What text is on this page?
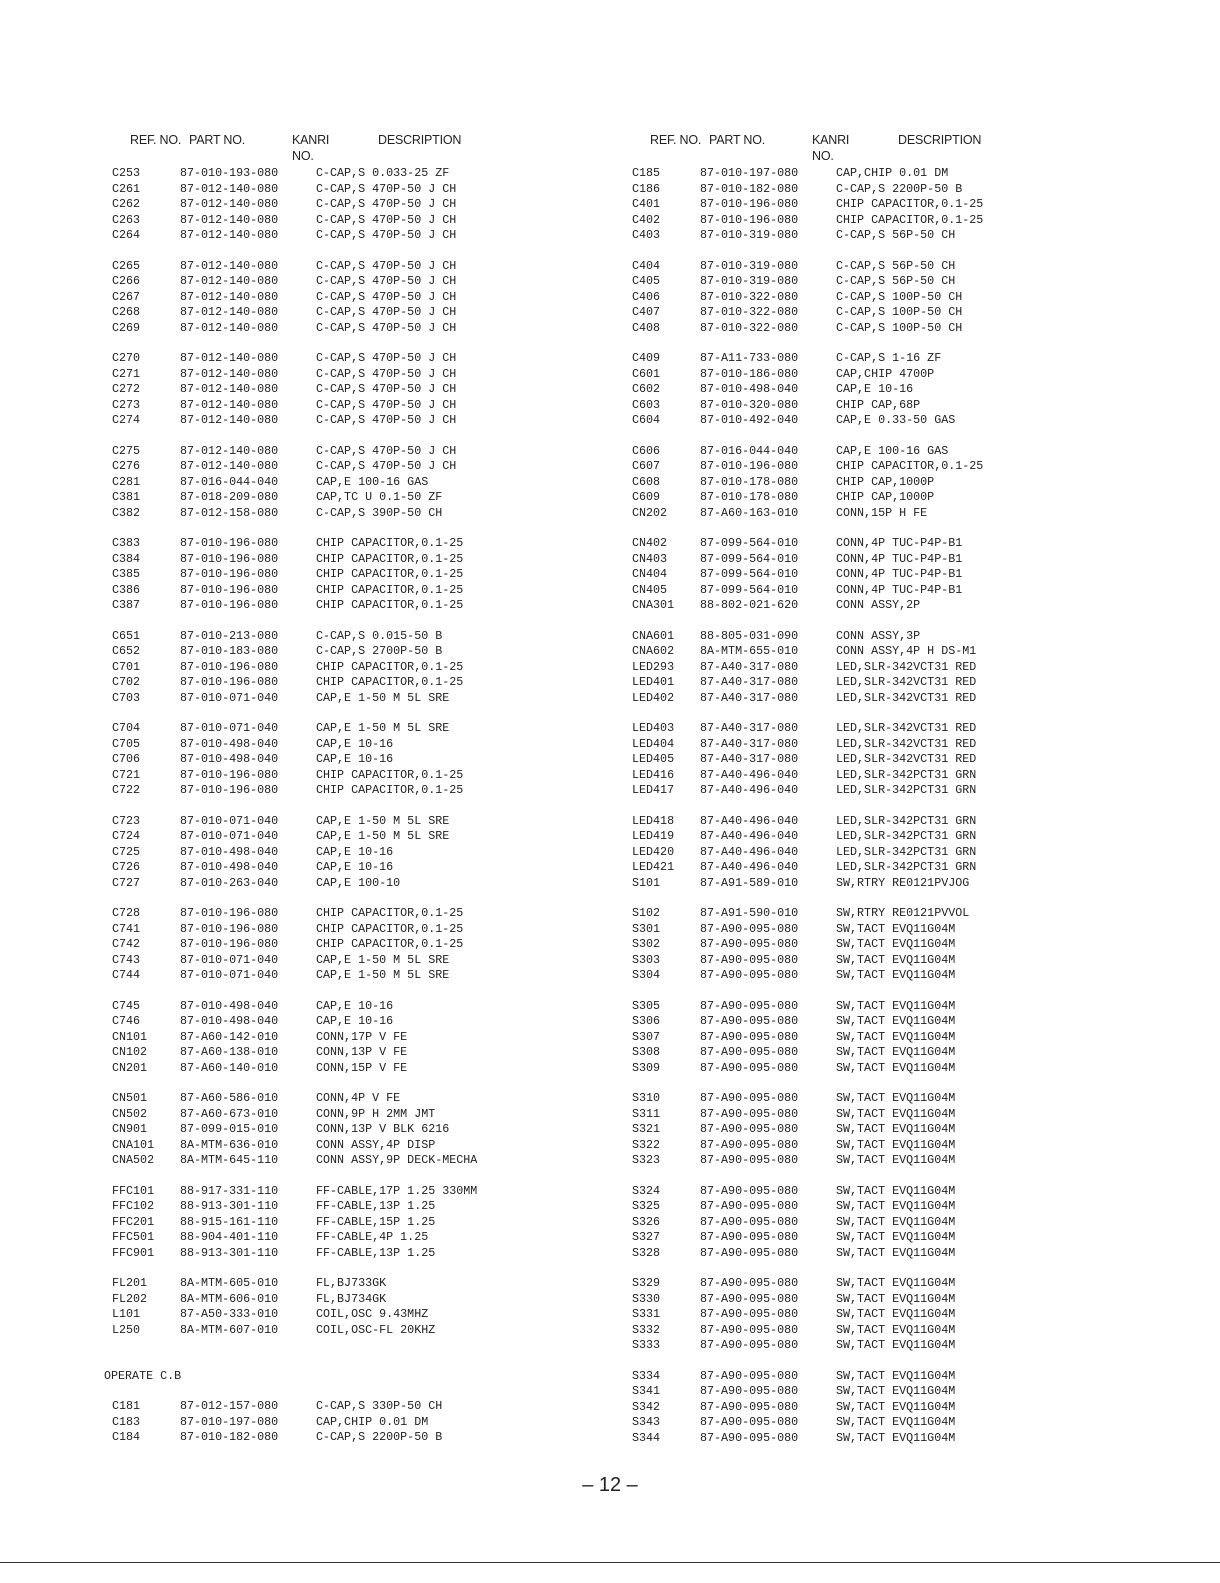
REF. NO. PART NO.	KANRI
NO.
DESCRIPTION
C253	87-010-193-080	C-CAP,S 0.033-25 ZF
C261	87-012-140-080	C-CAP,S 470P-50 J CH
C262	87-012-140-080	C-CAP,S 470P-50 J CH
C263	87-012-140-080	C-CAP,S 470P-50 J CH
C264	87-012-140-080	C-CAP,S 470P-50 J CH
C265	87-012-140-080	C-CAP,S 470P-50 J CH
C266	87-012-140-080	C-CAP,S 470P-50 J CH
C267	87-012-140-080	C-CAP,S 470P-50 J CH
C268	87-012-140-080	C-CAP,S 470P-50 J CH
C269	87-012-140-080	C-CAP,S 470P-50 J CH
C270	87-012-140-080	C-CAP,S 470P-50 J CH
C271	87-012-140-080	C-CAP,S 470P-50 J CH
C272	87-012-140-080	C-CAP,S 470P-50 J CH
C273	87-012-140-080	C-CAP,S 470P-50 J CH
C274	87-012-140-080	C-CAP,S 470P-50 J CH
C275	87-012-140-080	C-CAP,S 470P-50 J CH
C276	87-012-140-080	C-CAP,S 470P-50 J CH
C281	87-016-044-040	CAP,E 100-16 GAS
C381	87-018-209-080	CAP,TC U 0.1-50 ZF
C382	87-012-158-080	C-CAP,S 390P-50 CH
C383	87-010-196-080	CHIP CAPACITOR,0.1-25
C384	87-010-196-080	CHIP CAPACITOR,0.1-25
C385	87-010-196-080	CHIP CAPACITOR,0.1-25
C386	87-010-196-080	CHIP CAPACITOR,0.1-25
C387	87-010-196-080	CHIP CAPACITOR,0.1-25
C651	87-010-213-080	C-CAP,S 0.015-50 B
C652	87-010-183-080	C-CAP,S 2700P-50 B
C701	87-010-196-080	CHIP CAPACITOR,0.1-25
C702	87-010-196-080	CHIP CAPACITOR,0.1-25
C703	87-010-071-040	CAP,E 1-50 M 5L SRE
C704	87-010-071-040	CAP,E 1-50 M 5L SRE
C705	87-010-498-040	CAP,E 10-16
C706	87-010-498-040	CAP,E 10-16
C721	87-010-196-080	CHIP CAPACITOR,0.1-25
C722	87-010-196-080	CHIP CAPACITOR,0.1-25
C723	87-010-071-040	CAP,E 1-50 M 5L SRE
C724	87-010-071-040	CAP,E 1-50 M 5L SRE
C725	87-010-498-040	CAP,E 10-16
C726	87-010-498-040	CAP,E 10-16
C727	87-010-263-040	CAP,E 100-10
C728	87-010-196-080	CHIP CAPACITOR,0.1-25
C741	87-010-196-080	CHIP CAPACITOR,0.1-25
C742	87-010-196-080	CHIP CAPACITOR,0.1-25
C743	87-010-071-040	CAP,E 1-50 M 5L SRE
C744	87-010-071-040	CAP,E 1-50 M 5L SRE
C745	87-010-498-040	CAP,E 10-16
C746	87-010-498-040	CAP,E 10-16
CN101	87-A60-142-010	CONN,17P V FE
CN102	87-A60-138-010	CONN,13P V FE
CN201	87-A60-140-010	CONN,15P V FE
CN501	87-A60-586-010	CONN,4P V FE
CN502	87-A60-673-010	CONN,9P H 2MM JMT
CN901	87-099-015-010	CONN,13P V BLK 6216
CNA101 8A-MTM-636-010	CONN ASSY,4P DISP
CNA502 8A-MTM-645-110	CONN ASSY,9P DECK-MECHA
FFC101 88-917-331-110	FF-CABLE,17P 1.25 330MM
FFC102 88-913-301-110	FF-CABLE,13P 1.25
FFC201 88-915-161-110	FF-CABLE,15P 1.25
FFC501 88-904-401-110	FF-CABLE,4P 1.25
FFC901 88-913-301-110	FF-CABLE,13P 1.25
FL201	8A-MTM-605-010	FL,BJ733GK
FL202	8A-MTM-606-010	FL,BJ734GK
L101	87-A50-333-010	COIL,OSC 9.43MHZ
L250	8A-MTM-607-010	COIL,OSC-FL 20KHZ
OPERATE C.B
C181	87-012-157-080	C-CAP,S 330P-50 CH
C183	87-010-197-080	CAP,CHIP 0.01 DM
C184	87-010-182-080	C-CAP,S 2200P-50 B
REF. NO. PART NO.	KANRI
NO.
DESCRIPTION
C185	87-010-197-080	CAP,CHIP 0.01 DM
C186	87-010-182-080	C-CAP,S 2200P-50 B
C401	87-010-196-080	CHIP CAPACITOR,0.1-25
C402	87-010-196-080	CHIP CAPACITOR,0.1-25
C403	87-010-319-080	C-CAP,S 56P-50 CH
C404	87-010-319-080	C-CAP,S 56P-50 CH
C405	87-010-319-080	C-CAP,S 56P-50 CH
C406	87-010-322-080	C-CAP,S 100P-50 CH
C407	87-010-322-080	C-CAP,S 100P-50 CH
C408	87-010-322-080	C-CAP,S 100P-50 CH
C409	87-A11-733-080	C-CAP,S 1-16 ZF
C601	87-010-186-080	CAP,CHIP 4700P
C602	87-010-498-040	CAP,E 10-16
C603	87-010-320-080	CHIP CAP,68P
C604	87-010-492-040	CAP,E 0.33-50 GAS
C606	87-016-044-040	CAP,E 100-16 GAS
C607	87-010-196-080	CHIP CAPACITOR,0.1-25
C608	87-010-178-080	CHIP CAP,1000P
C609	87-010-178-080	CHIP CAP,1000P
CN202	87-A60-163-010	CONN,15P H FE
CN402	87-099-564-010	CONN,4P TUC-P4P-B1
CN403	87-099-564-010	CONN,4P TUC-P4P-B1
CN404	87-099-564-010	CONN,4P TUC-P4P-B1
CN405	87-099-564-010	CONN,4P TUC-P4P-B1
CNA301 88-802-021-620	CONN ASSY,2P
CNA601 88-805-031-090	CONN ASSY,3P
CNA602 8A-MTM-655-010	CONN ASSY,4P H DS-M1
LED293 87-A40-317-080	LED,SLR-342VCT31 RED
LED401 87-A40-317-080	LED,SLR-342VCT31 RED
LED402 87-A40-317-080	LED,SLR-342VCT31 RED
LED403 87-A40-317-080	LED,SLR-342VCT31 RED
LED404 87-A40-317-080	LED,SLR-342VCT31 RED
LED405 87-A40-317-080	LED,SLR-342VCT31 RED
LED416 87-A40-496-040	LED,SLR-342PCT31 GRN
LED417 87-A40-496-040	LED,SLR-342PCT31 GRN
LED418 87-A40-496-040	LED,SLR-342PCT31 GRN
LED419 87-A40-496-040	LED,SLR-342PCT31 GRN
LED420 87-A40-496-040	LED,SLR-342PCT31 GRN
LED421 87-A40-496-040	LED,SLR-342PCT31 GRN
S101	87-A91-589-010	SW,RTRY RE0121PVJOG
S102	87-A91-590-010	SW,RTRY RE0121PVVOL
S301	87-A90-095-080	SW,TACT EVQ11G04M
S302	87-A90-095-080	SW,TACT EVQ11G04M
S303	87-A90-095-080	SW,TACT EVQ11G04M
S304	87-A90-095-080	SW,TACT EVQ11G04M
S305	87-A90-095-080	SW,TACT EVQ11G04M
S306	87-A90-095-080	SW,TACT EVQ11G04M
S307	87-A90-095-080	SW,TACT EVQ11G04M
S308	87-A90-095-080	SW,TACT EVQ11G04M
S309	87-A90-095-080	SW,TACT EVQ11G04M
S310	87-A90-095-080	SW,TACT EVQ11G04M
S311	87-A90-095-080	SW,TACT EVQ11G04M
S321	87-A90-095-080	SW,TACT EVQ11G04M
S322	87-A90-095-080	SW,TACT EVQ11G04M
S323	87-A90-095-080	SW,TACT EVQ11G04M
S324	87-A90-095-080	SW,TACT EVQ11G04M
S325	87-A90-095-080	SW,TACT EVQ11G04M
S326	87-A90-095-080	SW,TACT EVQ11G04M
S327	87-A90-095-080	SW,TACT EVQ11G04M
S328	87-A90-095-080	SW,TACT EVQ11G04M
S329	87-A90-095-080	SW,TACT EVQ11G04M
S330	87-A90-095-080	SW,TACT EVQ11G04M
S331	87-A90-095-080	SW,TACT EVQ11G04M
S332	87-A90-095-080	SW,TACT EVQ11G04M
S333	87-A90-095-080	SW,TACT EVQ11G04M
S334	87-A90-095-080	SW,TACT EVQ11G04M
S341	87-A90-095-080	SW,TACT EVQ11G04M
S342	87-A90-095-080	SW,TACT EVQ11G04M
S343	87-A90-095-080	SW,TACT EVQ11G04M
S344	87-A90-095-080	SW,TACT EVQ11G04M
– 12 –
